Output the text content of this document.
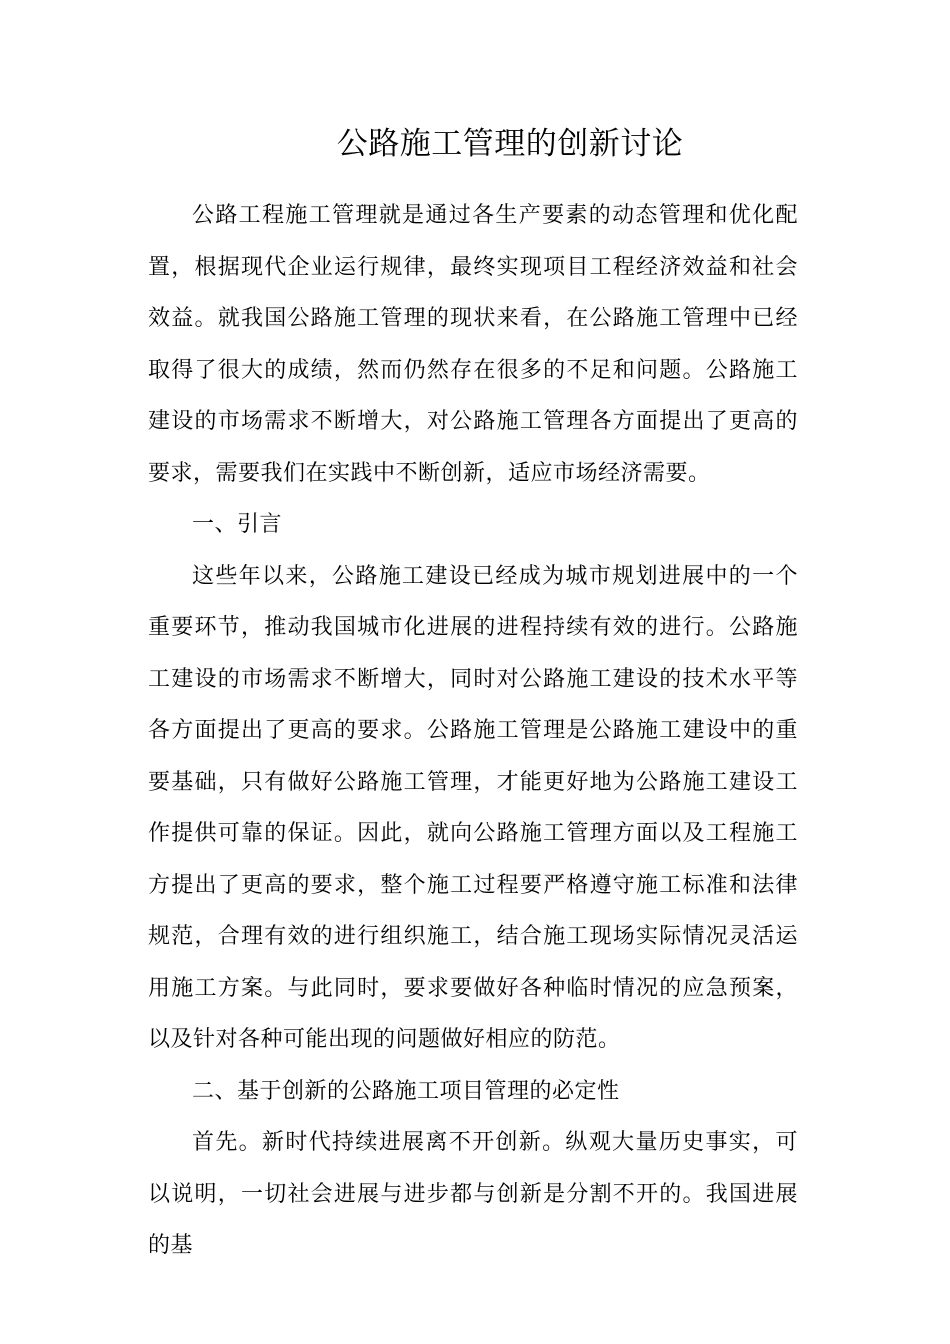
公路施工管理的创新讨论

公路工程施工管理就是通过各生产要素的动态管理和优化配置，根据现代企业运行规律，最终实现项目工程经济效益和社会效益。就我国公路施工管理的现状来看，在公路施工管理中已经取得了很大的成绩，然而仍然存在很多的不足和问题。公路施工建设的市场需求不断增大，对公路施工管理各方面提出了更高的要求，需要我们在实践中不断创新，适应市场经济需要。

一、引言

这些年以来，公路施工建设已经成为城市规划进展中的一个重要环节，推动我国城市化进展的进程持续有效的进行。公路施工建设的市场需求不断增大，同时对公路施工建设的技术水平等各方面提出了更高的要求。公路施工管理是公路施工建设中的重要基础，只有做好公路施工管理，才能更好地为公路施工建设工作提供可靠的保证。因此，就向公路施工管理方面以及工程施工方提出了更高的要求，整个施工过程要严格遵守施工标准和法律规范，合理有效的进行组织施工，结合施工现场实际情况灵活运用施工方案。与此同时，要求要做好各种临时情况的应急预案，以及针对各种可能出现的问题做好相应的防范。

二、基于创新的公路施工项目管理的必定性

首先。新时代持续进展离不开创新。纵观大量历史事实，可以说明，一切社会进展与进步都与创新是分割不开的。我国进展的基
